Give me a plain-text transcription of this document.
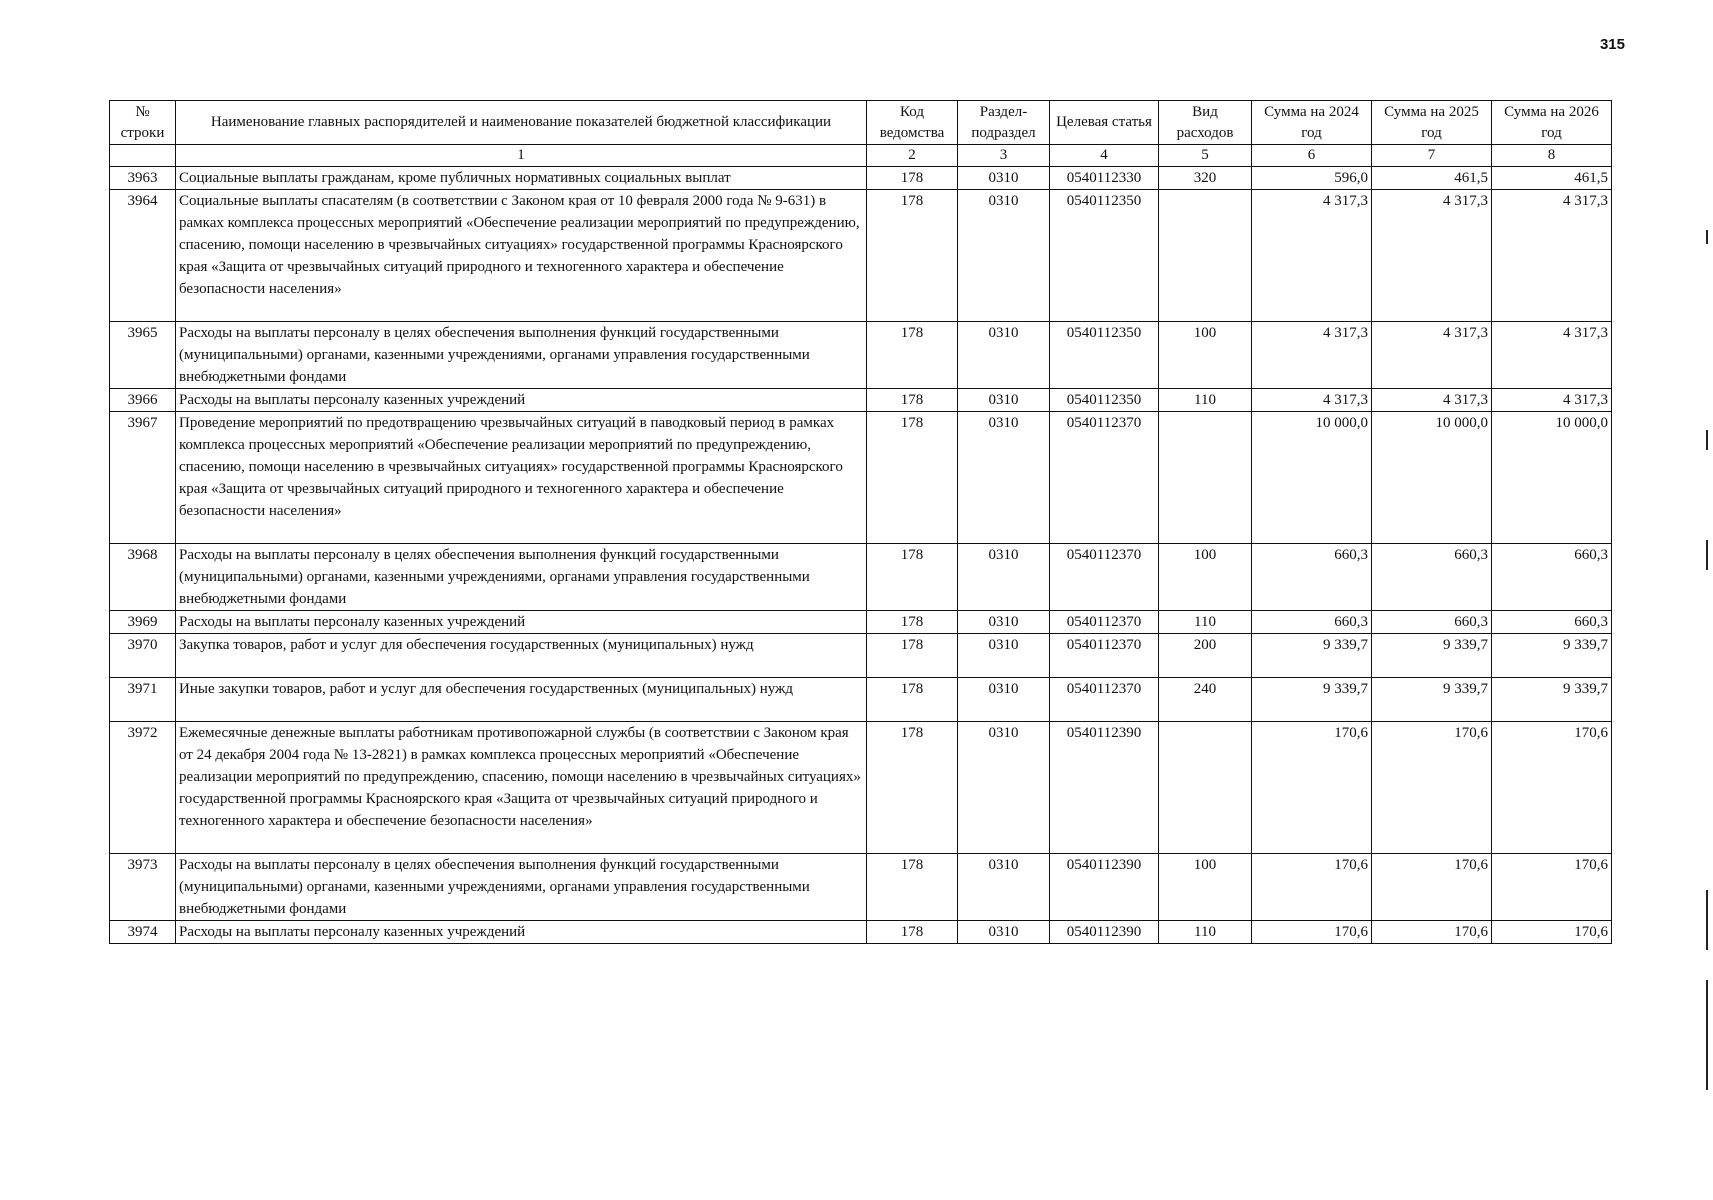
315
№ строки	Наименование главных распорядителей и наименование показателей бюджетной классификации	Код ведомства	Раздел-подраздел	Целевая статья	Вид расходов	Сумма на 2024 год	Сумма на 2025 год	Сумма на 2026 год
	1	2	3	4	5	6	7	8
3963	Социальные выплаты гражданам, кроме публичных нормативных социальных выплат	178	0310	0540112330	320	596,0	461,5	461,5
3964	Социальные выплаты спасателям (в соответствии с Законом края от 10 февраля 2000 года № 9-631) в рамках комплекса процессных мероприятий «Обеспечение реализации мероприятий по предупреждению, спасению, помощи населению в чрезвычайных ситуациях» государственной программы Красноярского края «Защита от чрезвычайных ситуаций природного и техногенного характера и обеспечение безопасности населения»	178	0310	0540112350		4 317,3	4 317,3	4 317,3
3965	Расходы на выплаты персоналу в целях обеспечения выполнения функций государственными (муниципальными) органами, казенными учреждениями, органами управления государственными внебюджетными фондами	178	0310	0540112350	100	4 317,3	4 317,3	4 317,3
3966	Расходы на выплаты персоналу казенных учреждений	178	0310	0540112350	110	4 317,3	4 317,3	4 317,3
3967	Проведение мероприятий по предотвращению чрезвычайных ситуаций в паводковый период в рамках комплекса процессных мероприятий «Обеспечение реализации мероприятий по предупреждению, спасению, помощи населению в чрезвычайных ситуациях» государственной программы Красноярского края «Защита от чрезвычайных ситуаций природного и техногенного характера и обеспечение безопасности населения»	178	0310	0540112370		10 000,0	10 000,0	10 000,0
3968	Расходы на выплаты персоналу в целях обеспечения выполнения функций государственными (муниципальными) органами, казенными учреждениями, органами управления государственными внебюджетными фондами	178	0310	0540112370	100	660,3	660,3	660,3
3969	Расходы на выплаты персоналу казенных учреждений	178	0310	0540112370	110	660,3	660,3	660,3
3970	Закупка товаров, работ и услуг для обеспечения государственных (муниципальных) нужд	178	0310	0540112370	200	9 339,7	9 339,7	9 339,7
3971	Иные закупки товаров, работ и услуг для обеспечения государственных (муниципальных) нужд	178	0310	0540112370	240	9 339,7	9 339,7	9 339,7
3972	Ежемесячные денежные выплаты работникам противопожарной службы (в соответствии с Законом края от 24 декабря 2004 года № 13-2821) в рамках комплекса процессных мероприятий «Обеспечение реализации мероприятий по предупреждению, спасению, помощи населению в чрезвычайных ситуациях» государственной программы Красноярского края «Защита от чрезвычайных ситуаций природного и техногенного характера и обеспечение безопасности населения»	178	0310	0540112390		170,6	170,6	170,6
3973	Расходы на выплаты персоналу в целях обеспечения выполнения функций государственными (муниципальными) органами, казенными учреждениями, органами управления государственными внебюджетными фондами	178	0310	0540112390	100	170,6	170,6	170,6
3974	Расходы на выплаты персоналу казенных учреждений	178	0310	0540112390	110	170,6	170,6	170,6
